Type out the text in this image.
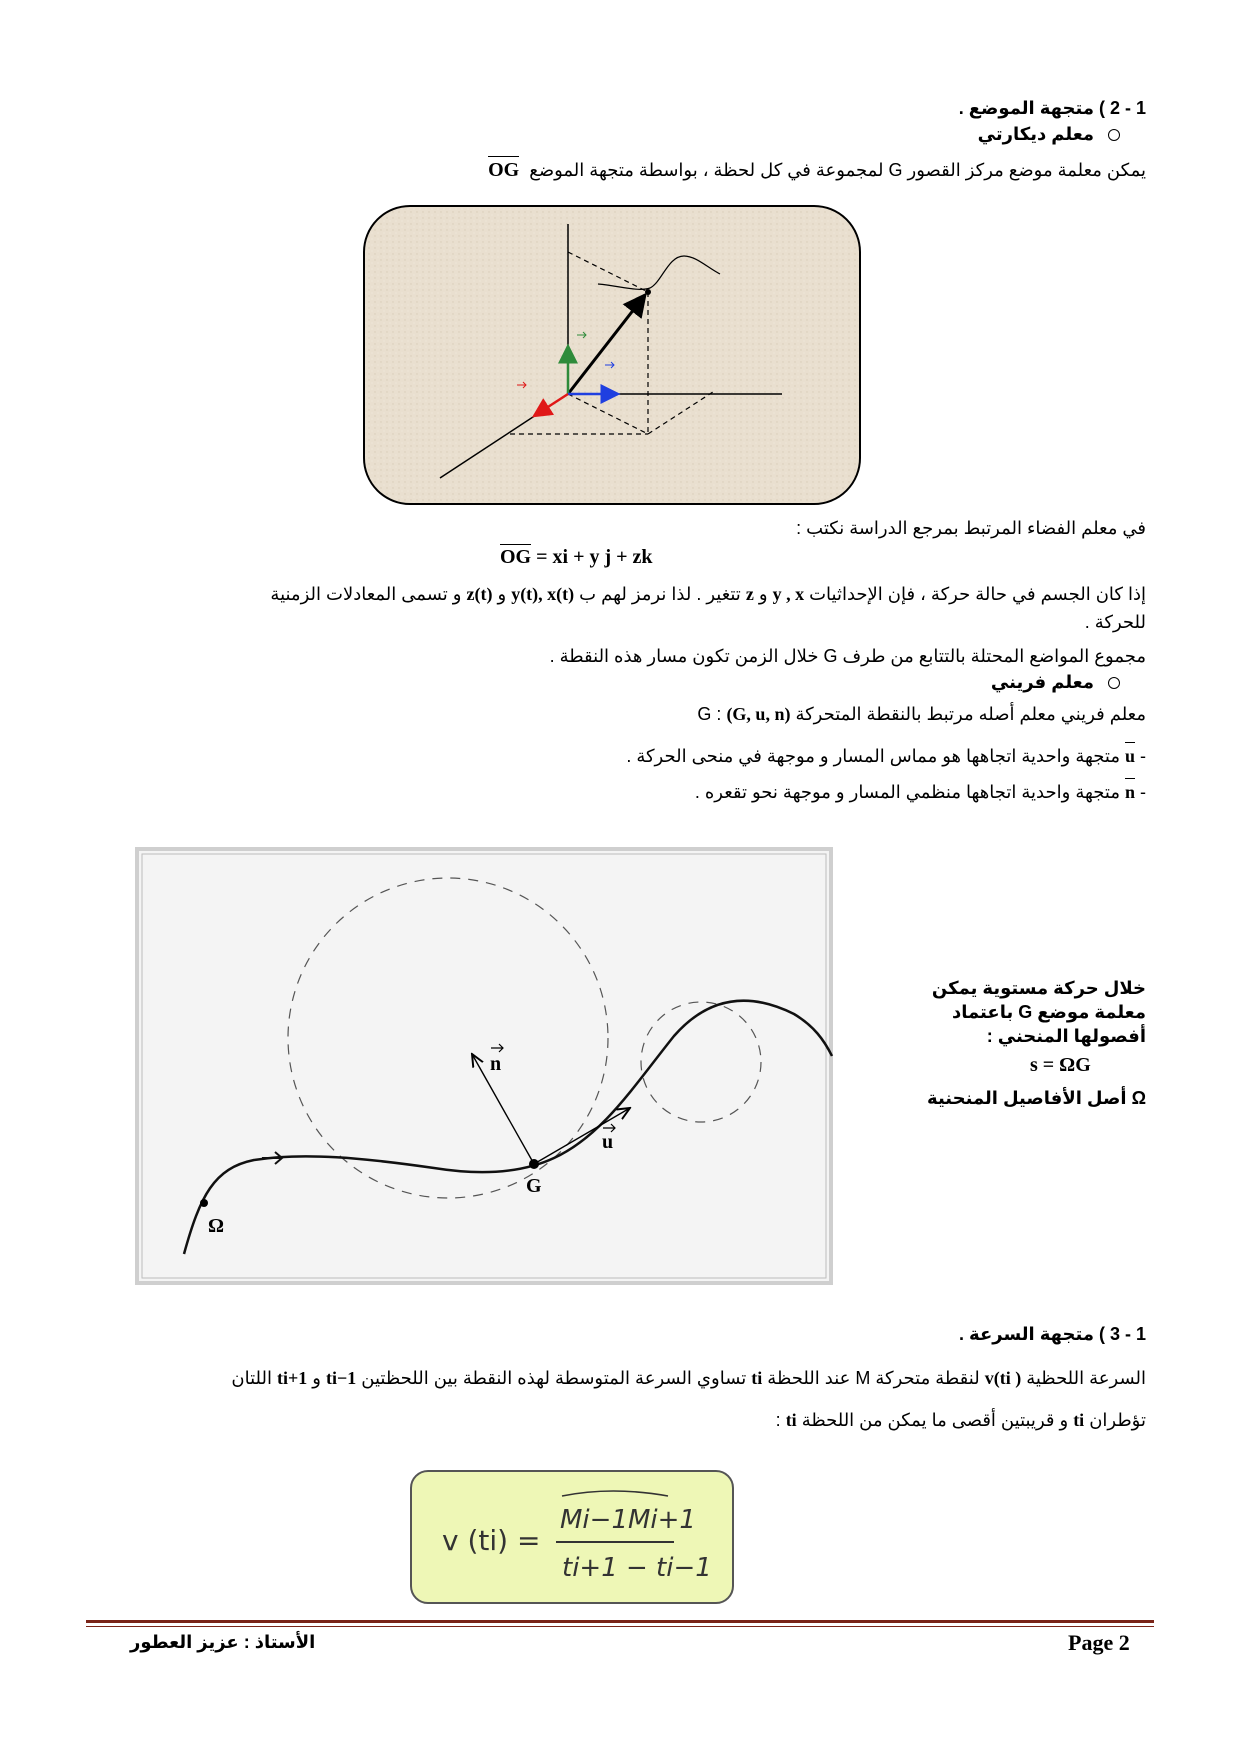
1 - 2 ) متجهة الموضع .
معلم ديكارتي
يمكن معلمة موضع مركز القصور G لمجموعة في كل لحظة ، بواسطة متجهة الموضع  OG
في معلم الفضاء المرتبط بمرجع الدراسة نكتب :
OG = xi + y j + zk
إذا كان الجسم في حالة حركة ، فإن الإحداثيات y , x و z تتغير . لذا نرمز لهم ب y(t), x(t) و z(t) و تسمى المعادلات الزمنية
للحركة .
مجموع المواضع المحتلة بالتتابع من طرف G خلال الزمن تكون مسار هذه النقطة .
معلم فريني
معلم فريني معلم أصله مرتبط بالنقطة المتحركة G : (G, u, n)
- u متجهة واحدية اتجاهها هو مماس المسار و موجهة في منحى الحركة .
- n متجهة واحدية اتجاهها منظمي المسار و موجهة نحو تقعره .
n
u
G
Ω
خلال حركة مستوية يمكن
معلمة موضع G باعتماد
أفصولها المنحني :
s = ΩG
Ω أصل الأفاصيل المنحنية
1 - 3 ) متجهة السرعة .
السرعة اللحظية v(ti ) لنقطة متحركة M عند اللحظة ti تساوي السرعة المتوسطة لهذه النقطة بين اللحظتين ti−1 و ti+1 اللتان
تؤطران ti و قريبتين أقصى ما يمكن من اللحظة ti :
v (ti) =
Mi−1Mi+1
ti+1 − ti−1
Page 2
الأستاذ : عزيز العطور
